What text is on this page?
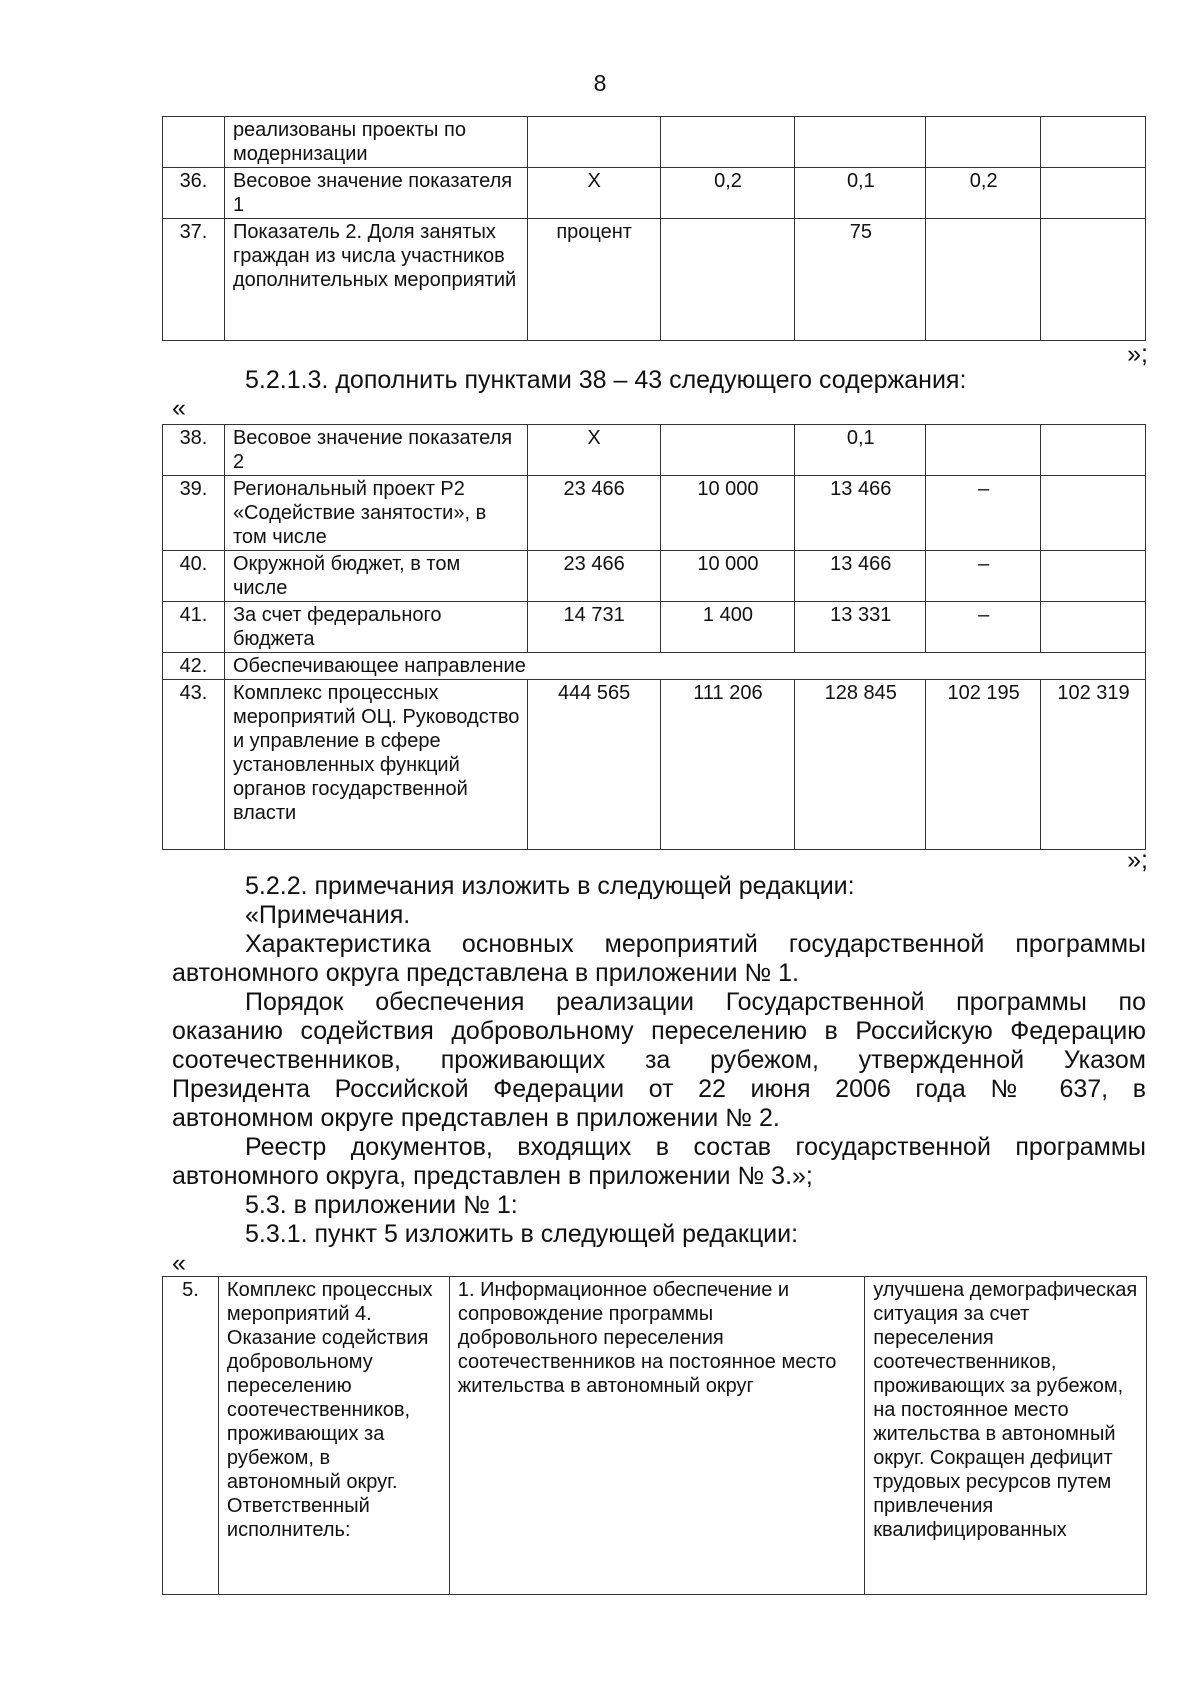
8
	реализованы проекты по модернизации					
36.	Весовое значение показателя 1	Х	0,2	0,1	0,2	
37.	Показатель 2. Доля занятых граждан из числа участников дополнительных мероприятий	процент		75		
»;
5.2.1.3. дополнить пунктами 38 – 43 следующего содержания:
«
38.	Весовое значение показателя 2	Х		0,1		
39.	Региональный проект Р2 «Содействие занятости», в том числе	23 466	10 000	13 466	–	
40.	Окружной бюджет, в том числе	23 466	10 000	13 466	–	
41.	За счет федерального бюджета	14 731	1 400	13 331	–	
42.	Обеспечивающее направление					
43.	Комплекс процессных мероприятий ОЦ. Руководство и управление в сфере установленных функций органов государственной власти	444 565	111 206	128 845	102 195	102 319
»;
5.2.2. примечания изложить в следующей редакции:
«Примечания.
Характеристика основных мероприятий государственной программы
автономного округа представлена в приложении № 1.
Порядок обеспечения реализации Государственной программы по
оказанию содействия добровольному переселению в Российскую Федерацию
соотечественников, проживающих за рубежом, утвержденной Указом
Президента Российской Федерации от 22 июня 2006 года № 637, в
автономном округе представлен в приложении № 2.
Реестр документов, входящих в состав государственной программы
автономного округа, представлен в приложении № 3.»;
5.3. в приложении № 1:
5.3.1. пункт 5 изложить в следующей редакции:
«
5.	Комплекс процессных мероприятий 4. Оказание содействия добровольному переселению соотечественников, проживающих за рубежом, в автономный округ. Ответственный исполнитель:	1. Информационное обеспечение и сопровождение программы добровольного переселения соотечественников на постоянное место жительства в автономный округ	улучшена демографическая ситуация за счет переселения соотечественников, проживающих за рубежом, на постоянное место жительства в автономный округ. Сокращен дефицит трудовых ресурсов путем привлечения квалифицированных
